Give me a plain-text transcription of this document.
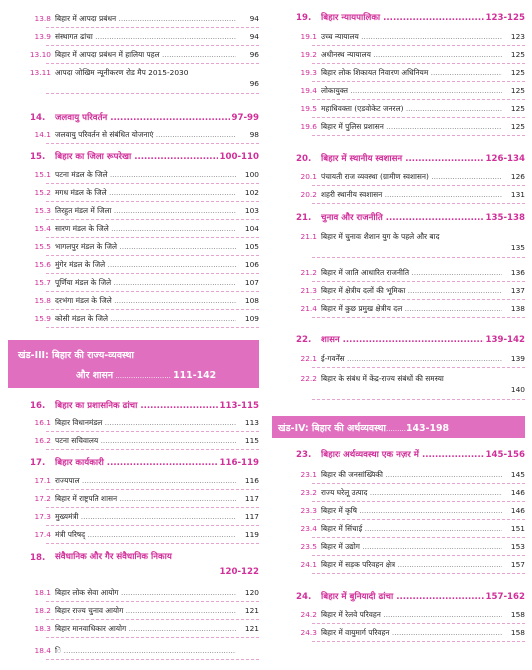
13.8 बिहार में आपदा प्रबंधन .....	94
13.9 संस्थागत ढांचा .....	94
13.10 बिहार में आपदा प्रबंधन में हालिया पहल .....	96
13.11 आपदा जोखिम न्यूनीकरण रोड मैप 2015-2030
96
14. जलवायु परिवर्तन .....	97-99
14.1 जलवायु परिवर्तन से संबंधित योजनाएं .....	98
15. बिहार का जिला रूपरेखा .....	100-110
15.1 पटना मंडल के जिले .....	100
15.2 मगध मंडल के जिले .....	102
15.3 तिरहुत मंडल में जिला .....	103
15.4 सारण मंडल के जिले .....	104
15.5 भागलपुर मंडल के जिले .....	105
15.6 मुंगेर मंडल के जिले .....	106
15.7 पूर्णिया मंडल के जिले .....	107
15.8 दरभंगा मंडल के जिले .....	108
15.9 कोसी मंडल के जिले .....	109
खंड-III: बिहार की राज्य-व्यवस्था
और शासन ......................... 111-142
16. बिहार का प्रशासनिक ढांचा .....	113-115
16.1 बिहार विधानमंडल .....	113
16.2 पटना सचिवालय .....	115
17. बिहार कार्यकारी .....	116-119
17.1 राज्यपाल .....	116
17.2 बिहार में राष्ट्रपति शासन .....	117
17.3 मुख्यमंत्री .....	117
17.4 मंत्री परिषद् .....	119
18. संवैधानिक और गैर संवैधानिक निकाय
120-122
18.1 बिहार लोक सेवा आयोग .....	120
18.2 बिहार राज्य चुनाव आयोग .....	121
18.3 बिहार मानवाधिकार आयोग .....	121
18.4 ि .....
19. बिहार न्यायपालिका .....	123-125
19.1 उच्च न्यायालय .....	123
19.2 अधीनस्थ न्यायालय .....	125
19.3 बिहार लोक शिकायत निवारण अधिनियम .....	125
19.4 लोकायुक्त .....	125
19.5 महाधिवक्ता (एडवोकेट जनरल) .....	125
19.6 बिहार में पुलिस प्रशासन .....	125
20. बिहार में स्थानीय स्वशासन .....	126-134
20.1 पंचायती राज व्यवस्था (ग्रामीण स्वशासन) .....	126
20.2 शहरी स्थानीय स्वशासन .....	131
21. चुनाव और राजनीति .....	135-138
21.1 बिहार में चुनावः शैशान युग के पहले और बाद
135
21.2 बिहार में जाति आधारित राजनीति .....	136
21.3 बिहार में क्षेत्रीय दलों की भूमिका .....	137
21.4 बिहार में कुछ प्रमुख क्षेत्रीय दल .....	138
22. शासन .....	139-142
22.1 ई-गवर्नेंस .....	139
22.2 बिहार के संबंध में केंद्र-राज्य संबंधों की समस्या
140
खंड-IV: बिहार की अर्थव्यवस्था.........143-198
23. बिहारः अर्थव्यवस्था एक नज़र में .....	145-156
23.1 बिहार की जनसांख्यिकी .....	145
23.2 राज्य घरेलू उत्पाद .....	146
23.3 बिहार में कृषि .....	146
23.4 बिहार में सिंचाई .....	151
23.5 बिहार में उद्योग .....	153
24.1 बिहार में सड़क परिवहन क्षेत्र .....	157
24. बिहार में बुनियादी ढांचा .....	157-162
24.2 बिहार में रेलवे परिवहन .....	158
24.3 बिहार में वायुमार्ग परिवहन .....	158
